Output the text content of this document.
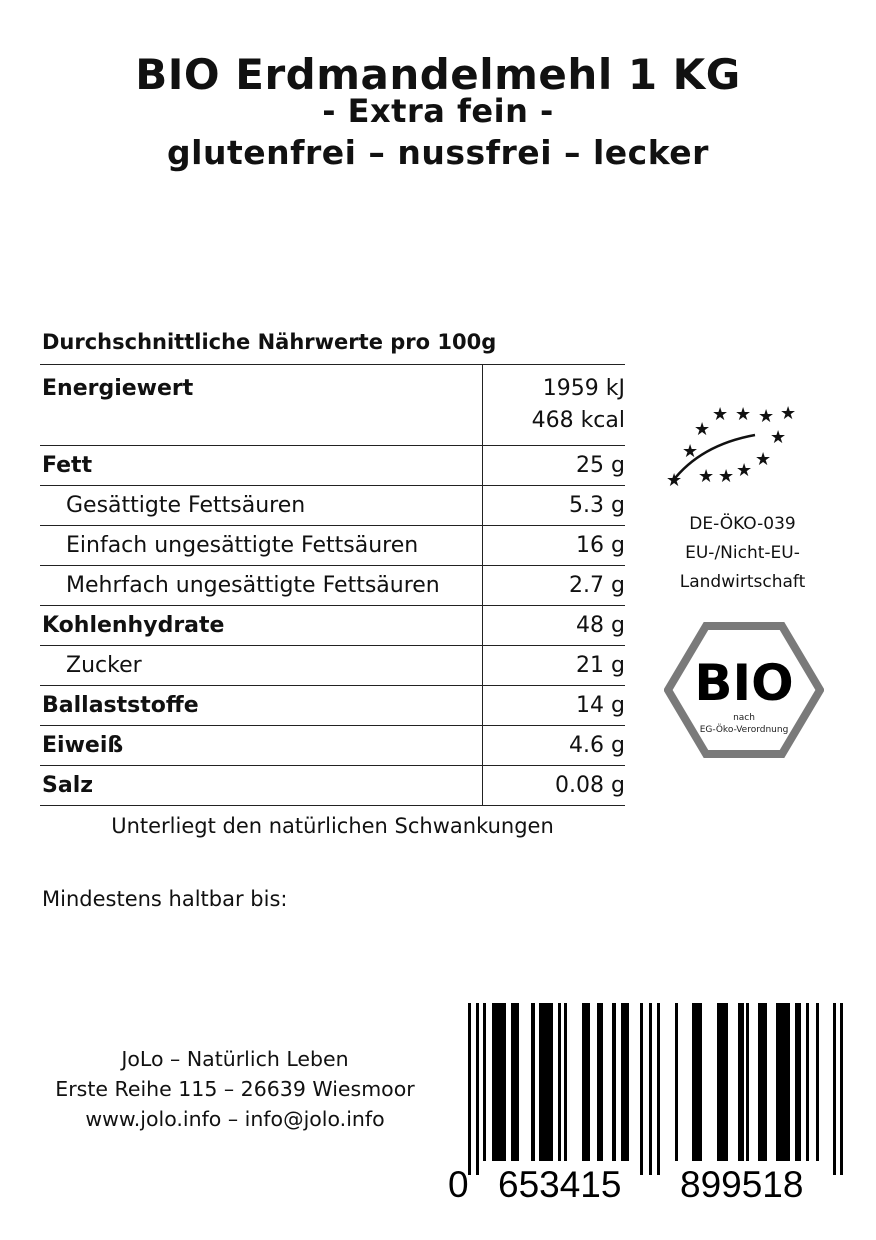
BIO Erdmandelmehl 1 KG
- Extra fein -
glutenfrei – nussfrei – lecker
Durchschnittliche Nährwerte pro 100g
Energiewert	1959 kJ
468 kcal

Fett	25 g
Gesättigte Fettsäuren	5.3 g
Einfach ungesättigte Fettsäuren	16 g
Mehrfach ungesättigte Fettsäuren	2.7 g
Kohlenhydrate	48 g
Zucker	21 g
Ballaststoffe	14 g
Eiweiß	4.6 g
Salz	0.08 g
Unterliegt den natürlichen Schwankungen
Mindestens haltbar bis:
★
★
★
★ ★ ★ ★
★
★
★
★
★
DE-ÖKO-039
EU-/Nicht-EU-
Landwirtschaft
BIO
nach
EG-Öko-Verordnung
JoLo – Natürlich Leben
Erste Reihe 115 – 26639 Wiesmoor
www.jolo.info – info@jolo.info
0 653415 899518
